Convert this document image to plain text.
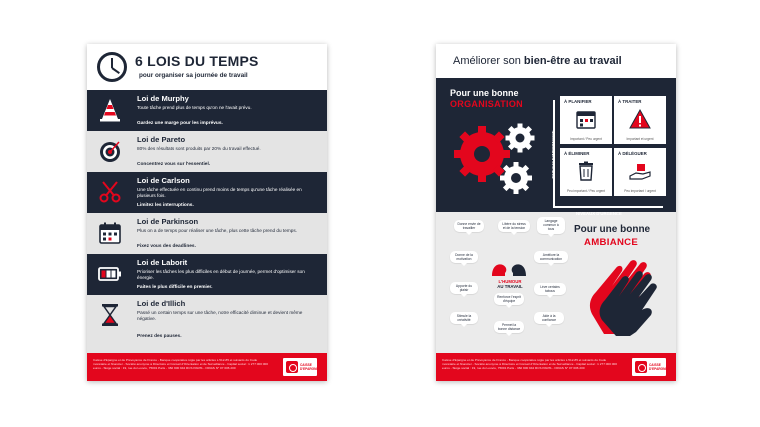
6 LOIS DU TEMPS
pour organiser sa journée de travail
Loi de Murphy
Toute tâche prend plus de temps qu'on ne l'avait prévu.
Gardez une marge pour les imprévus.
Loi de Pareto
80% des résultats sont produits par 20% du travail effectué.
Concentrez vous sur l'essentiel.
Loi de Carlson
Une tâche effectuée en continu prend moins de temps qu'une tâche réalisée en plusieurs fois.
Limitez les interruptions.
Loi de Parkinson
Plus on a de temps pour réaliser une tâche, plus cette tâche prend du temps.
Fixez vous des deadlines.
Loi de Laborit
Prioriser les tâches les plus difficiles en début de journée, permet d'optimiser son énergie.
Faites le plus difficile en premier.
Loi de d'Illich
Passé un certain temps sur une tâche, notre efficacité diminue et devient même négative.
Prenez des pauses.
Caisse d'Epargne et de Prévoyance de France - Banque coopérative régie par les articles L.512-85 et suivants du Code monétaire et financier - Société anonyme à Directoire et Conseil d'Orientation et de Surveillance - Capital social : 1 277 000 000 euros - Siège social : 19, rue du Louvre, 75001 Paris - 382 900 942 RCS PARIS - ORIAS N° 07 006 200
CAISSE D'EPARGNE
Améliorer son bien-être au travail
Pour une bonne
ORGANISATION
NIVEAUX D'IMPORTANCE
À PLANIFIER
Important / Peu urgent
À TRAITER
Important et urgent
À ÉLIMINER
Peu important / Peu urgent
À DÉLÉGUER
Peu important / urgent
NIVEAUX D'URGENCE
Pour une bonne
AMBIANCE
Donne envie de travailler
Libère du stress et de la tension
Langage commun à tous
Donne de la motivation
Améliore la communication
Apporte du plaisir
Renforce l'esprit d'équipe
Lève certains tabous
Stimule la créativité
Permet la bonne distance
Aide à la confiance
L'HUMOUR
AU TRAVAIL
Caisse d'Epargne et de Prévoyance de France - Banque coopérative régie par les articles L.512-85 et suivants du Code monétaire et financier - Société anonyme à Directoire et Conseil d'Orientation et de Surveillance - Capital social : 1 277 000 000 euros - Siège social : 19, rue du Louvre, 75001 Paris - 382 900 942 RCS PARIS - ORIAS N° 07 006 200
CAISSE D'EPARGNE
